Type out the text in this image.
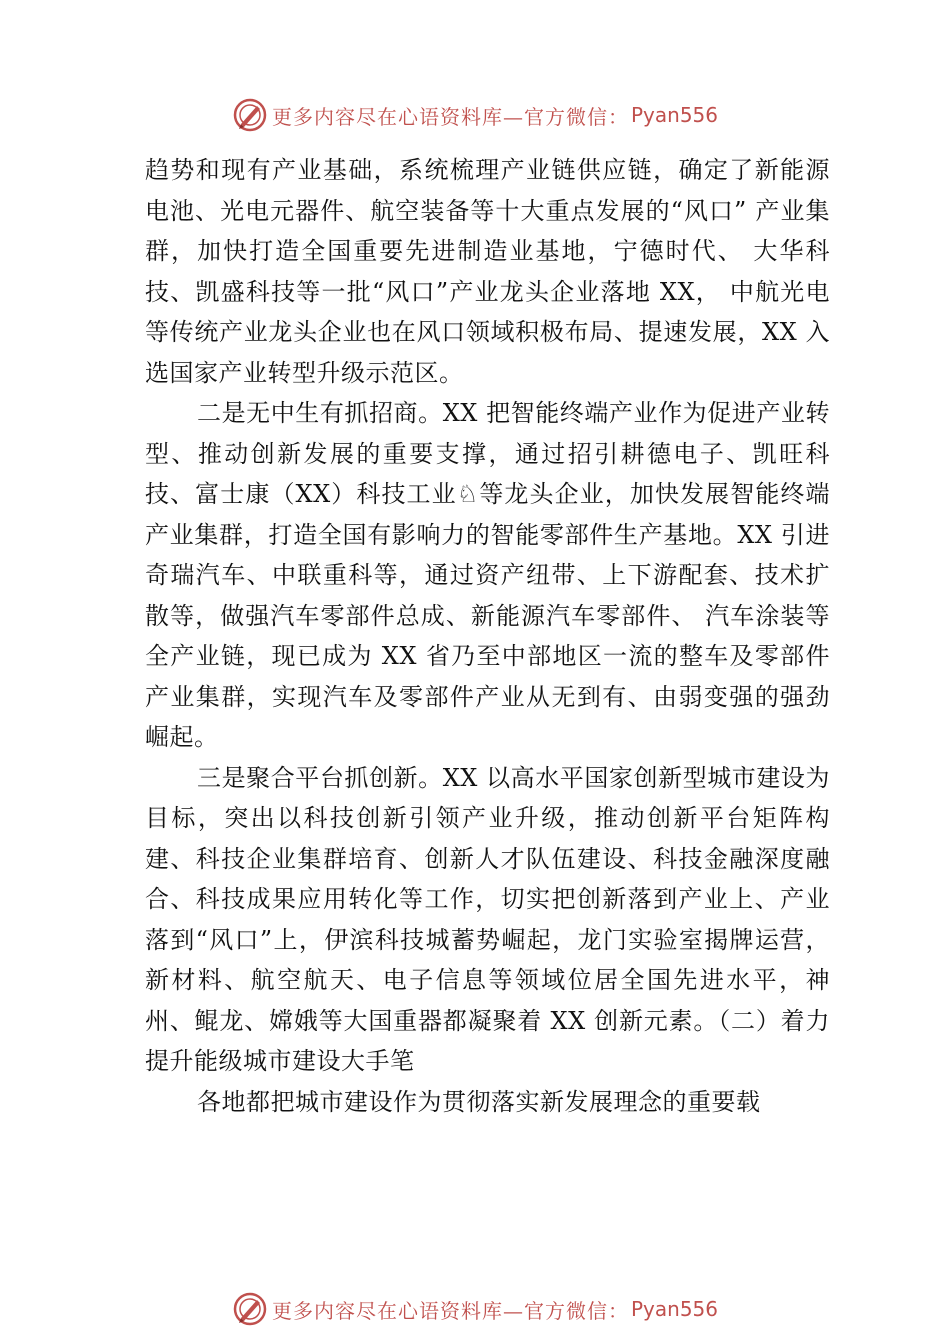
更多内容尽在心语资料库—官方微信： Pyan556

趋势和现有产业基础，系统梳理产业链供应链，确定了新能源电池、光电元器件、航空装备等十大重点发展的“风口” 产业集群，加快打造全国重要先进制造业基地，宁德时代、 大华科技、凯盛科技等一批“风口”产业龙头企业落地 XX， 中航光电等传统产业龙头企业也在风口领域积极布局、提速发展，XX 入选国家产业转型升级示范区。

二是无中生有抓招商。XX 把智能终端产业作为促进产业转型、推动创新发展的重要支撑，通过招引耕德电子、凯旺科技、富士康（XX）科技工业♘等龙头企业，加快发展智能终端产业集群，打造全国有影响力的智能零部件生产基地。XX 引进奇瑞汽车、中联重科等，通过资产纽带、上下游配套、技术扩散等，做强汽车零部件总成、新能源汽车零部件、 汽车涂装等全产业链，现已成为 XX 省乃至中部地区一流的整车及零部件产业集群，实现汽车及零部件产业从无到有、由弱变强的强劲崛起。

三是聚合平台抓创新。XX 以高水平国家创新型城市建设为目标，突出以科技创新引领产业升级，推动创新平台矩阵构建、科技企业集群培育、创新人才队伍建设、科技金融深度融合、科技成果应用转化等工作，切实把创新落到产业上、产业落到“风口”上，伊滨科技城蓄势崛起，龙门实验室揭牌运营，新材料、航空航天、电子信息等领域位居全国先进水平，神州、鲲龙、嫦娥等大国重器都凝聚着 XX 创新元素。（二）着力提升能级城市建设大手笔

各地都把城市建设作为贯彻落实新发展理念的重要载

更多内容尽在心语资料库—官方微信： Pyan556
